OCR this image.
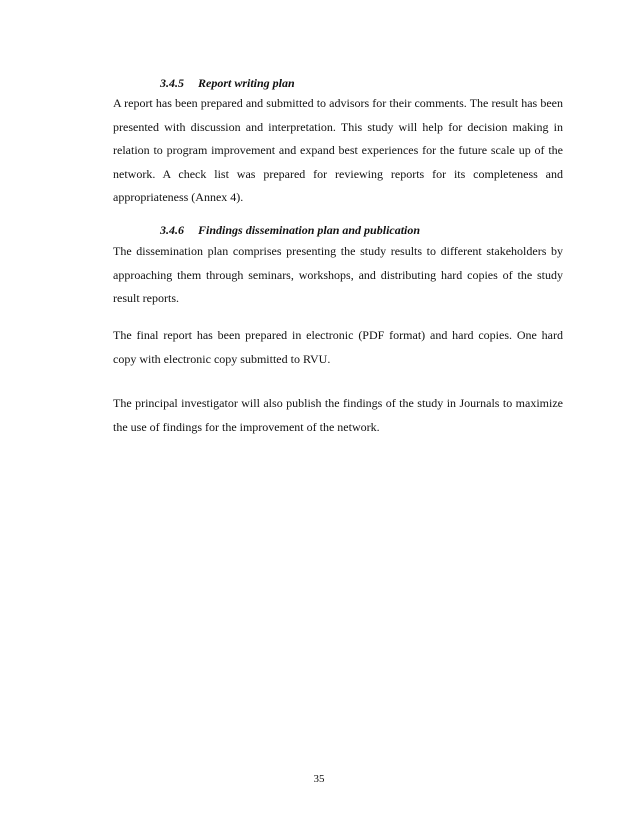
3.4.5 Report writing plan

A report has been prepared and submitted to advisors for their comments. The result has been presented with discussion and interpretation. This study will help for decision making in relation to program improvement and expand best experiences for the future scale up of the network. A check list was prepared for reviewing reports for its completeness and appropriateness (Annex 4).

3.4.6 Findings dissemination plan and publication

The dissemination plan comprises presenting the study results to different stakeholders by approaching them through seminars, workshops, and distributing hard copies of the study result reports.

The final report has been prepared in electronic (PDF format) and hard copies. One hard copy with electronic copy submitted to RVU.

The principal investigator will also publish the findings of the study in Journals to maximize the use of findings for the improvement of the network.

35
